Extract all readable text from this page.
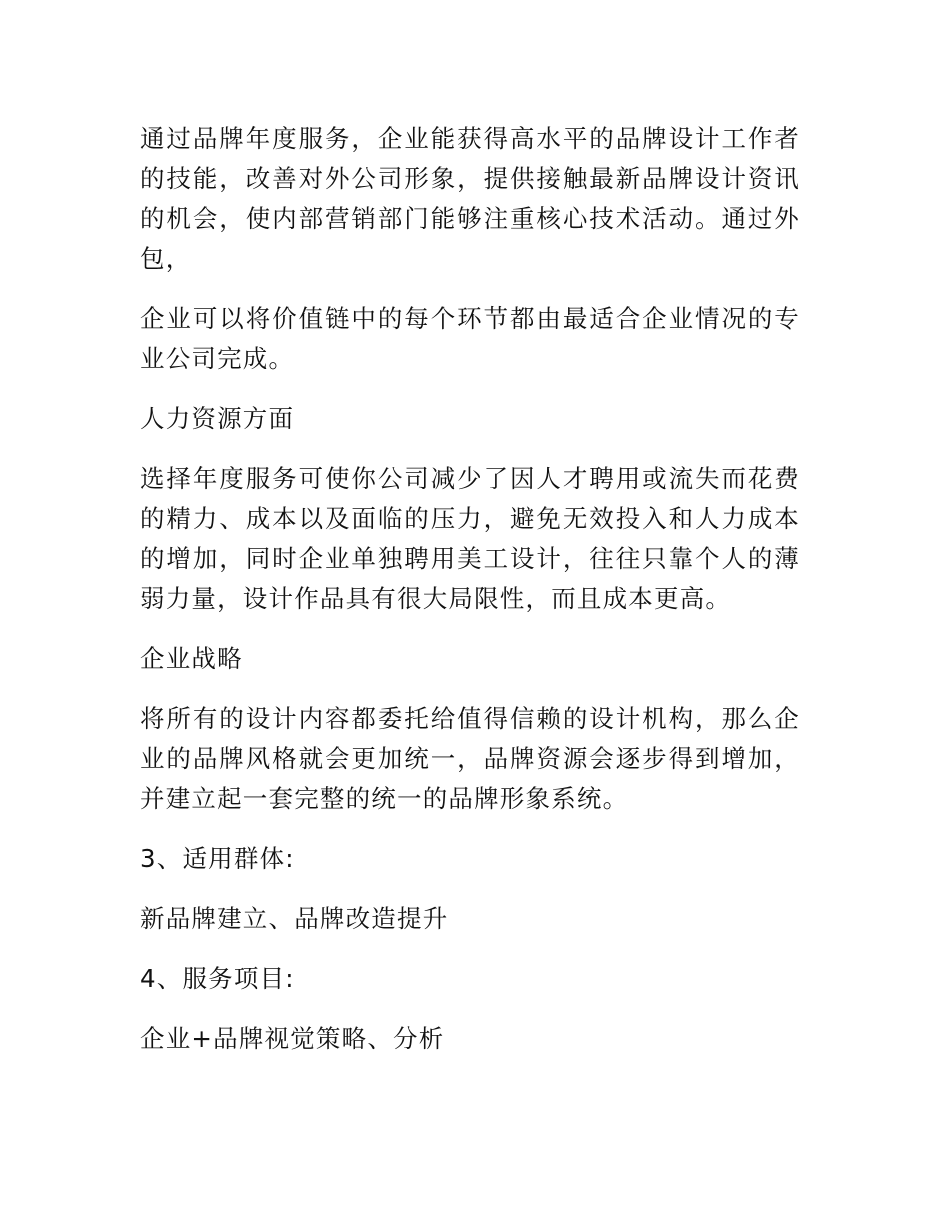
通过品牌年度服务，企业能获得高水平的品牌设计工作者的技能，改善对外公司形象，提供接触最新品牌设计资讯的机会，使内部营销部门能够注重核心技术活动。通过外包，

企业可以将价值链中的每个环节都由最适合企业情况的专业公司完成。

人力资源方面

选择年度服务可使你公司减少了因人才聘用或流失而花费的精力、成本以及面临的压力，避免无效投入和人力成本的增加，同时企业单独聘用美工设计，往往只靠个人的薄弱力量，设计作品具有很大局限性，而且成本更高。

企业战略

将所有的设计内容都委托给值得信赖的设计机构，那么企业的品牌风格就会更加统一，品牌资源会逐步得到增加，并建立起一套完整的统一的品牌形象系统。

3、适用群体:

新品牌建立、品牌改造提升

4、服务项目:

企业+品牌视觉策略、分析
